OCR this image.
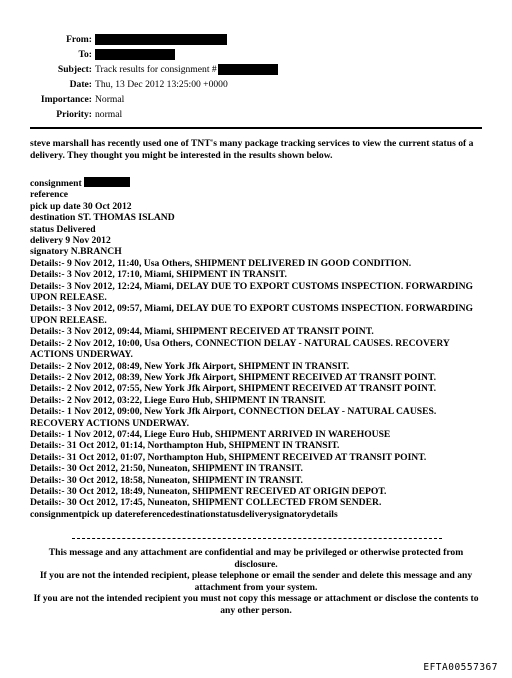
From:
To:
Subject: Track results for consignment #
Date: Thu, 13 Dec 2012 13:25:00 +0000
Importance: Normal
Priority: normal
steve marshall has recently used one of TNT's many package tracking services to view the current status of a delivery. They thought you might be interested in the results shown below.
consignment
reference
pick up date 30 Oct 2012
destination ST. THOMAS ISLAND
status Delivered
delivery 9 Nov 2012
signatory N.BRANCH
Details:- 9 Nov 2012, 11:40, Usa Others, SHIPMENT DELIVERED IN GOOD CONDITION.
Details:- 3 Nov 2012, 17:10, Miami, SHIPMENT IN TRANSIT.
Details:- 3 Nov 2012, 12:24, Miami, DELAY DUE TO EXPORT CUSTOMS INSPECTION. FORWARDING UPON RELEASE.
Details:- 3 Nov 2012, 09:57, Miami, DELAY DUE TO EXPORT CUSTOMS INSPECTION. FORWARDING UPON RELEASE.
Details:- 3 Nov 2012, 09:44, Miami, SHIPMENT RECEIVED AT TRANSIT POINT.
Details:- 2 Nov 2012, 10:00, Usa Others, CONNECTION DELAY - NATURAL CAUSES. RECOVERY ACTIONS UNDERWAY.
Details:- 2 Nov 2012, 08:49, New York Jfk Airport, SHIPMENT IN TRANSIT.
Details:- 2 Nov 2012, 08:39, New York Jfk Airport, SHIPMENT RECEIVED AT TRANSIT POINT.
Details:- 2 Nov 2012, 07:55, New York Jfk Airport, SHIPMENT RECEIVED AT TRANSIT POINT.
Details:- 2 Nov 2012, 03:22, Liege Euro Hub, SHIPMENT IN TRANSIT.
Details:- 1 Nov 2012, 09:00, New York Jfk Airport, CONNECTION DELAY - NATURAL CAUSES. RECOVERY ACTIONS UNDERWAY.
Details:- 1 Nov 2012, 07:44, Liege Euro Hub, SHIPMENT ARRIVED IN WAREHOUSE
Details:- 31 Oct 2012, 01:14, Northampton Hub, SHIPMENT IN TRANSIT.
Details:- 31 Oct 2012, 01:07, Northampton Hub, SHIPMENT RECEIVED AT TRANSIT POINT.
Details:- 30 Oct 2012, 21:50, Nuneaton, SHIPMENT IN TRANSIT.
Details:- 30 Oct 2012, 18:58, Nuneaton, SHIPMENT IN TRANSIT.
Details:- 30 Oct 2012, 18:49, Nuneaton, SHIPMENT RECEIVED AT ORIGIN DEPOT.
Details:- 30 Oct 2012, 17:45, Nuneaton, SHIPMENT COLLECTED FROM SENDER.
consignmentpick up datereferencedestinationstatusdeliverysignatorydetails
This message and any attachment are confidential and may be privileged or otherwise protected from disclosure.
If you are not the intended recipient, please telephone or email the sender and delete this message and any attachment from your system.
If you are not the intended recipient you must not copy this message or attachment or disclose the contents to any other person.
EFTA00557367
